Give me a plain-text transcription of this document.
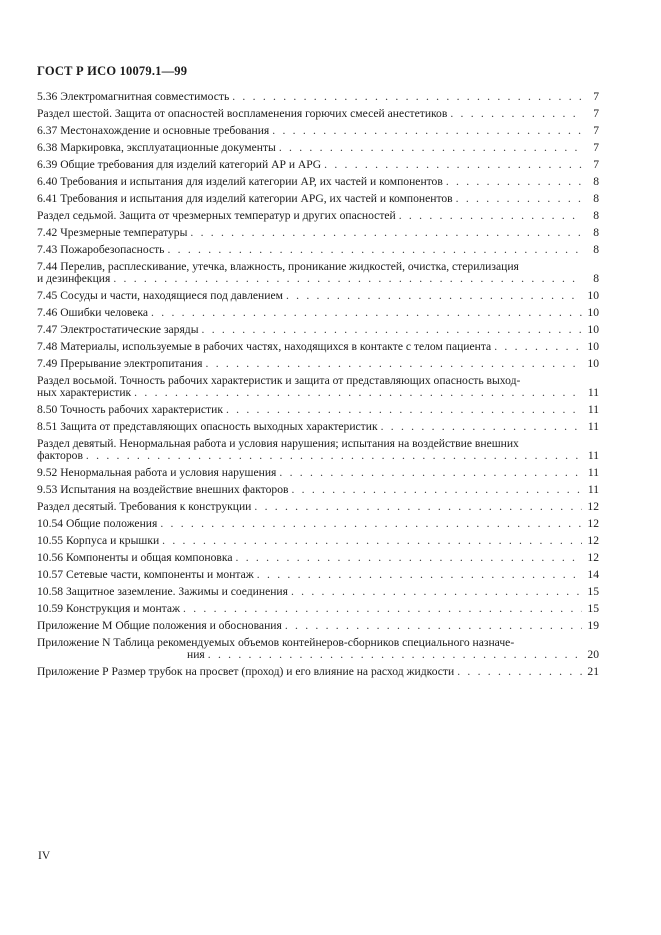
ГОСТ Р ИСО 10079.1—99
5.36 Электромагнитная совместимость . . .	7
Раздел шестой. Защита от опасностей воспламенения горючих смесей анестетиков . . .	7
6.37 Местонахождение и основные требования . . .	7
6.38 Маркировка, эксплуатационные документы . . .	7
6.39 Общие требования для изделий категорий АР и APG . . .	7
6.40 Требования и испытания для изделий категории АР, их частей и компонентов . . .	8
6.41 Требования и испытания для изделий категории APG, их частей и компонентов . . .	8
Раздел седьмой. Защита от чрезмерных температур и других опасностей . . .	8
7.42 Чрезмерные температуры . . .	8
7.43 Пожаробезопасность . . .	8
7.44 Перелив, расплескивание, утечка, влажность, проникание жидкостей, очистка, стерилизация
и дезинфекция . . .	8
7.45 Сосуды и части, находящиеся под давлением . . .	10
7.46 Ошибки человека . . .	10
7.47 Электростатические заряды . . .	10
7.48 Материалы, используемые в рабочих частях, находящихся в контакте с телом пациента . . .	10
7.49 Прерывание электропитания . . .	10
Раздел восьмой. Точность рабочих характеристик и защита от представляющих опасность выход-
ных характеристик . . .	11
8.50 Точность рабочих характеристик . . .	11
8.51 Защита от представляющих опасность выходных характеристик . . .	11
Раздел девятый. Ненормальная работа и условия нарушения; испытания на воздействие внешних
факторов . . .	11
9.52 Ненормальная работа и условия нарушения . . .	11
9.53 Испытания на воздействие внешних факторов . . .	11
Раздел десятый. Требования к конструкции . . .	12
10.54 Общие положения . . .	12
10.55 Корпуса и крышки . . .	12
10.56 Компоненты и общая компоновка . . .	12
10.57 Сетевые части, компоненты и монтаж . . .	14
10.58 Защитное заземление. Зажимы и соединения . . .	15
10.59 Конструкция и монтаж . . .	15
Приложение М Общие положения и обоснования . . .	19
Приложение N Таблица рекомендуемых объемов контейнеров-сборников специального назначе-
ния . . .	20
Приложение Р Размер трубок на просвет (проход) и его влияние на расход жидкости . . .	21
IV
